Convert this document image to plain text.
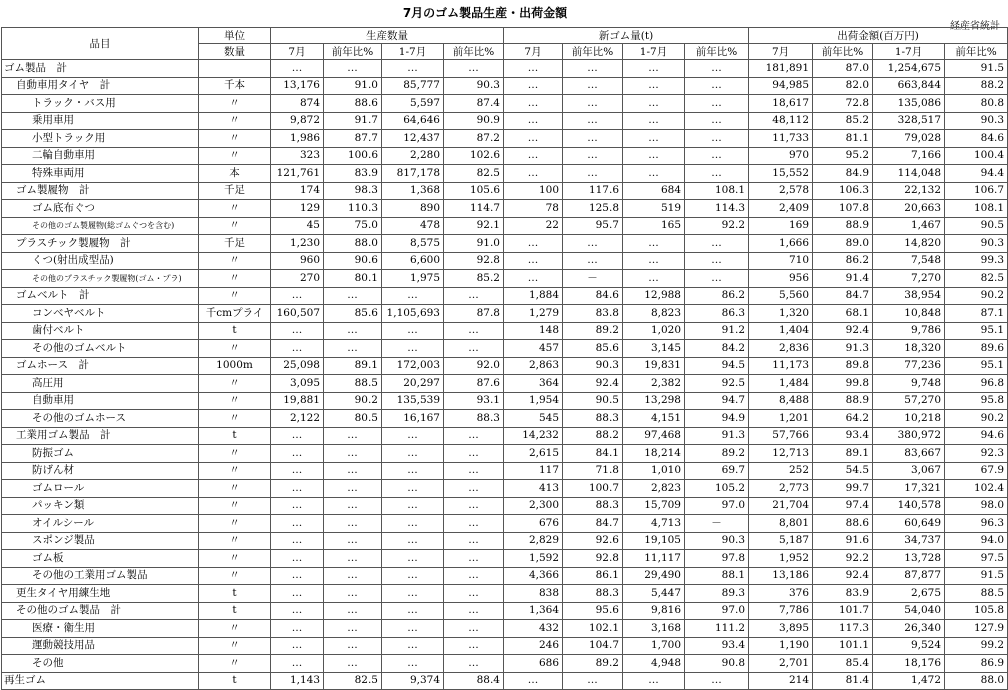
7月のゴム製品生産・出荷金額
経産省統計
品目	単位	生産数量				新ゴム量(t)				出荷金額(百万円)			
	数量	7月	前年比%	1-7月	前年比%	7月	前年比%	1-7月	前年比%	7月	前年比%	1-7月	前年比%
ゴム製品　計		…	…	…	…	…	…	…	…	181,891	87.0	1,254,675	91.5
自動車用タイヤ　計	千本	13,176	91.0	85,777	90.3	…	…	…	…	94,985	82.0	663,844	88.2
トラック・バス用	〃	874	88.6	5,597	87.4	…	…	…	…	18,617	72.8	135,086	80.8
乗用車用	〃	9,872	91.7	64,646	90.9	…	…	…	…	48,112	85.2	328,517	90.3
小型トラック用	〃	1,986	87.7	12,437	87.2	…	…	…	…	11,733	81.1	79,028	84.6
二輪自動車用	〃	323	100.6	2,280	102.6	…	…	…	…	970	95.2	7,166	100.4
特殊車両用	本	121,761	83.9	817,178	82.5	…	…	…	…	15,552	84.9	114,048	94.4
ゴム製履物　計	千足	174	98.3	1,368	105.6	100	117.6	684	108.1	2,578	106.3	22,132	106.7
ゴム底布ぐつ	〃	129	110.3	890	114.7	78	125.8	519	114.3	2,409	107.8	20,663	108.1
その他のゴム製履物(総ゴムぐつを含む)	〃	45	75.0	478	92.1	22	95.7	165	92.2	169	88.9	1,467	90.5
プラスチック製履物　計	千足	1,230	88.0	8,575	91.0	…	…	…	…	1,666	89.0	14,820	90.3
くつ(射出成型品)	〃	960	90.6	6,600	92.8	…	…	…	…	710	86.2	7,548	99.3
その他のプラスチック製履物(ゴム・プラ)	〃	270	80.1	1,975	85.2	…	－	…	…	956	91.4	7,270	82.5
ゴムベルト　計	〃	…	…	…	…	1,884	84.6	12,988	86.2	5,560	84.7	38,954	90.2
コンベヤベルト	千cmプライ	160,507	85.6	1,105,693	87.8	1,279	83.8	8,823	86.3	1,320	68.1	10,848	87.1
歯付ベルト	t	…	…	…	…	148	89.2	1,020	91.2	1,404	92.4	9,786	95.1
その他のゴムベルト	〃	…	…	…	…	457	85.6	3,145	84.2	2,836	91.3	18,320	89.6
ゴムホース　計	1000m	25,098	89.1	172,003	92.0	2,863	90.3	19,831	94.5	11,173	89.8	77,236	95.1
高圧用	〃	3,095	88.5	20,297	87.6	364	92.4	2,382	92.5	1,484	99.8	9,748	96.8
自動車用	〃	19,881	90.2	135,539	93.1	1,954	90.5	13,298	94.7	8,488	88.9	57,270	95.8
その他のゴムホース	〃	2,122	80.5	16,167	88.3	545	88.3	4,151	94.9	1,201	64.2	10,218	90.2
工業用ゴム製品　計	t	…	…	…	…	14,232	88.2	97,468	91.3	57,766	93.4	380,972	94.6
防振ゴム	〃	…	…	…	…	2,615	84.1	18,214	89.2	12,713	89.1	83,667	92.3
防げん材	〃	…	…	…	…	117	71.8	1,010	69.7	252	54.5	3,067	67.9
ゴムロール	〃	…	…	…	…	413	100.7	2,823	105.2	2,773	99.7	17,321	102.4
パッキン類	〃	…	…	…	…	2,300	88.3	15,709	97.0	21,704	97.4	140,578	98.0
オイルシール	〃	…	…	…	…	676	84.7	4,713	－	8,801	88.6	60,649	96.3
スポンジ製品	〃	…	…	…	…	2,829	92.6	19,105	90.3	5,187	91.6	34,737	94.0
ゴム板	〃	…	…	…	…	1,592	92.8	11,117	97.8	1,952	92.2	13,728	97.5
その他の工業用ゴム製品	〃	…	…	…	…	4,366	86.1	29,490	88.1	13,186	92.4	87,877	91.5
更生タイヤ用練生地	t	…	…	…	…	838	88.3	5,447	89.3	376	83.9	2,675	88.5
その他のゴム製品　計	t	…	…	…	…	1,364	95.6	9,816	97.0	7,786	101.7	54,040	105.8
医療・衛生用	〃	…	…	…	…	432	102.1	3,168	111.2	3,895	117.3	26,340	127.9
運動競技用品	〃	…	…	…	…	246	104.7	1,700	93.4	1,190	101.1	9,524	99.2
その他	〃	…	…	…	…	686	89.2	4,948	90.8	2,701	85.4	18,176	86.9
再生ゴム	t	1,143	82.5	9,374	88.4	…	…	…	…	214	81.4	1,472	88.0
